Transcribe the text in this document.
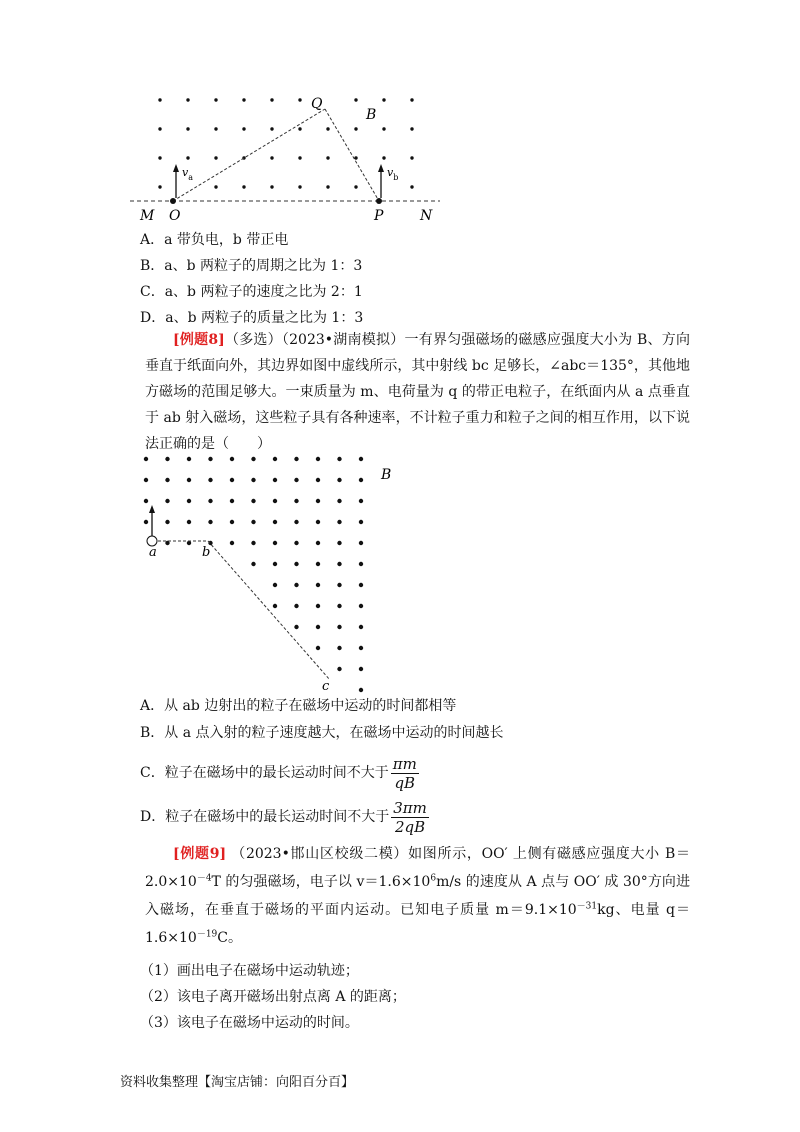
$v_a$	$v_b$
Q
B
M O	P	N
A．a 带负电，b 带正电
B．a、b 两粒子的周期之比为 1：3
C．a、b 两粒子的速度之比为 2：1
D．a、b 两粒子的质量之比为 1：3
[例题8]（多选）（2023•湖南模拟）一有界匀强磁场的磁感应强度大小为 B、方向垂直于纸面向外，其边界如图中虚线所示，其中射线 bc 足够长，∠abc＝135°，其他地方磁场的范围足够大。一束质量为 m、电荷量为 q 的带正电粒子，在纸面内从 a 点垂直于 ab 射入磁场，这些粒子具有各种速率，不计粒子重力和粒子之间的相互作用，以下说法正确的是（　　）
B
a	b
c
A．从 ab 边射出的粒子在磁场中运动的时间都相等
B．从 a 点入射的粒子速度越大，在磁场中运动的时间越长
C．粒子在磁场中的最长运动时间不大于 $\frac{\pi m}{qB}$
D．粒子在磁场中的最长运动时间不大于 $\frac{3\pi m}{2qB}$
[例题9] （2023•邯山区校级二模）如图所示，OO′ 上侧有磁感应强度大小 $B=2.0\times 10^{-4}T$ 的匀强磁场，电子以 $v=1.6\times 10^6m/s$ 的速度从 A 点与 OO′ 成 30°方向进入磁场，在垂直于磁场的平面内运动。已知电子质量 $m=9.1\times 10^{-31}kg$、电量 $q=1.6\times 10^{-19}C$。
（1）画出电子在磁场中运动轨迹；
（2）该电子离开磁场出射点离 A 的距离；
（3）该电子在磁场中运动的时间。
资料收集整理【淘宝店铺：向阳百分百】
